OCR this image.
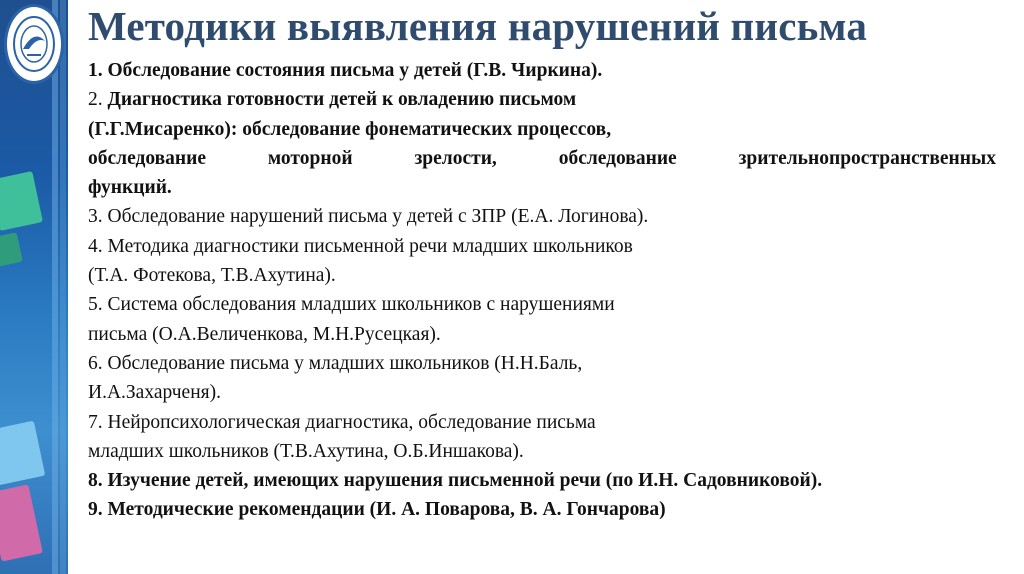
Методики выявления нарушений письма
1. Обследование состояния письма у детей (Г.В. Чиркина).
2. Диагностика готовности детей к овладению письмом
(Г.Г.Мисаренко): обследование фонематических процессов,
обследование	моторной	зрелости,	обследование	зрительнопространственных
функций.
3. Обследование нарушений письма у детей с ЗПР (Е.А. Логинова).
4. Методика диагностики письменной речи младших школьников
(Т.А. Фотекова, Т.В.Ахутина).
5. Система обследования младших школьников с нарушениями
письма (О.А.Величенкова, М.Н.Русецкая).
6. Обследование письма у младших школьников (Н.Н.Баль,
И.А.Захарченя).
7. Нейропсихологическая диагностика, обследование письма
младших школьников (Т.В.Ахутина, О.Б.Иншакова).
8. Изучение детей, имеющих нарушения письменной речи (по И.Н. Садовниковой).
9. Методические рекомендации (И. А. Поварова, В. А. Гончарова)
